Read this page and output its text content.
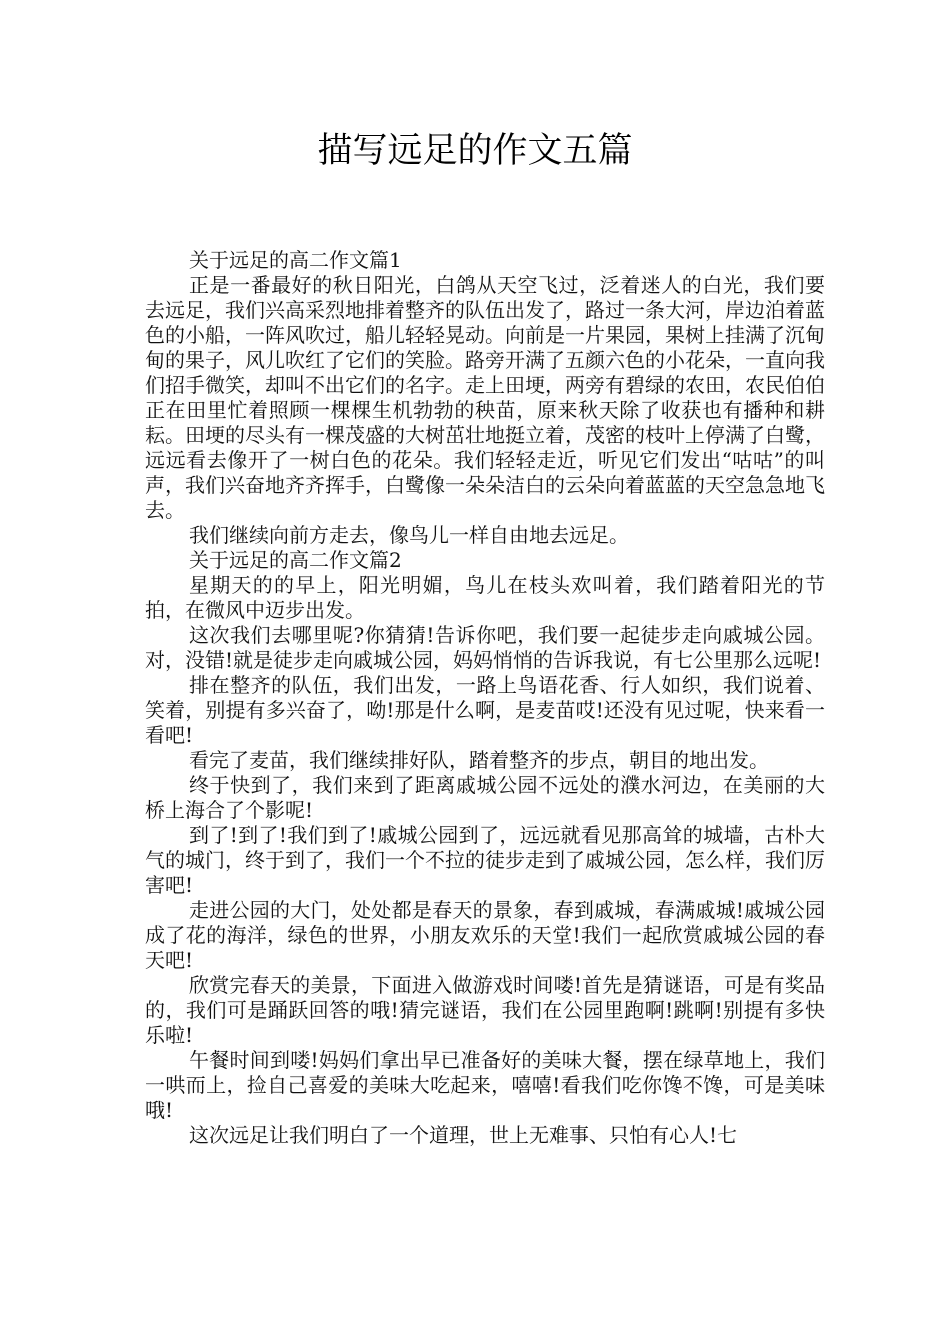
描写远足的作文五篇

关于远足的高二作文篇1

正是一番最好的秋日阳光，白鸽从天空飞过，泛着迷人的白光，我们要去远足，我们兴高采烈地排着整齐的队伍出发了，路过一条大河，岸边泊着蓝色的小船，一阵风吹过，船儿轻轻晃动。向前是一片果园，果树上挂满了沉甸甸的果子，风儿吹红了它们的笑脸。路旁开满了五颜六色的小花朵，一直向我们招手微笑，却叫不出它们的名字。走上田埂，两旁有碧绿的农田，农民伯伯正在田里忙着照顾一棵棵生机勃勃的秧苗，原来秋天除了收获也有播种和耕耘。田埂的尽头有一棵茂盛的大树茁壮地挺立着，茂密的枝叶上停满了白鹭，远远看去像开了一树白色的花朵。我们轻轻走近，听见它们发出“咕咕”的叫声，我们兴奋地齐齐挥手，白鹭像一朵朵洁白的云朵向着蓝蓝的天空急急地飞去。

我们继续向前方走去，像鸟儿一样自由地去远足。

关于远足的高二作文篇2

星期天的的早上，阳光明媚，鸟儿在枝头欢叫着，我们踏着阳光的节拍，在微风中迈步出发。

这次我们去哪里呢?你猜猜!告诉你吧，我们要一起徒步走向戚城公园。对，没错!就是徒步走向戚城公园，妈妈悄悄的告诉我说，有七公里那么远呢!

排在整齐的队伍，我们出发，一路上鸟语花香、行人如织，我们说着、笑着，别提有多兴奋了，呦!那是什么啊，是麦苗哎!还没有见过呢，快来看一看吧!

看完了麦苗，我们继续排好队，踏着整齐的步点，朝目的地出发。

终于快到了，我们来到了距离戚城公园不远处的濮水河边，在美丽的大桥上海合了个影呢!

到了!到了!我们到了!戚城公园到了，远远就看见那高耸的城墙，古朴大气的城门，终于到了，我们一个不拉的徒步走到了戚城公园，怎么样，我们厉害吧!

走进公园的大门，处处都是春天的景象，春到戚城，春满戚城!戚城公园成了花的海洋，绿色的世界，小朋友欢乐的天堂!我们一起欣赏戚城公园的春天吧!

欣赏完春天的美景，下面进入做游戏时间喽!首先是猜谜语，可是有奖品的，我们可是踊跃回答的哦!猜完谜语，我们在公园里跑啊!跳啊!别提有多快乐啦!

午餐时间到喽!妈妈们拿出早已准备好的美味大餐，摆在绿草地上，我们一哄而上，捡自己喜爱的美味大吃起来，嘻嘻!看我们吃你馋不馋，可是美味哦!

这次远足让我们明白了一个道理，世上无难事、只怕有心人!七
